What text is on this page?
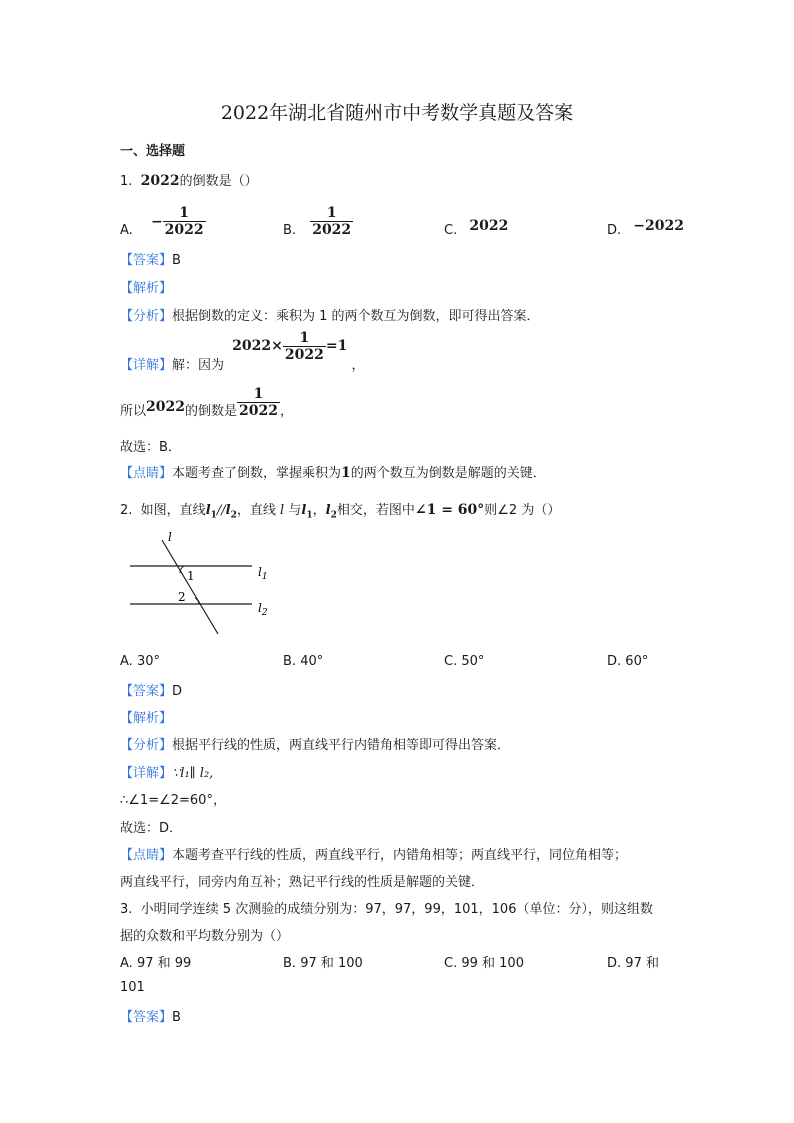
2022年湖北省随州市中考数学真题及答案
一、选择题
1. 2022的倒数是（）
A. − $\frac{1}{2022}$	B. $\frac{1}{2022}$	C. 2022	D. −2022
【答案】B
【解析】
【分析】根据倒数的定义：乘积为 1 的两个数互为倒数，即可得出答案．
【详解】解：因为 $2022\times \frac{1}{2022} =1$ ，
所以2022的倒数是 $\frac{1}{2022}$ ，
故选：B．
【点睛】本题考查了倒数，掌握乘积为1的两个数互为倒数是解题的关键．
2. 如图，直线$l_1//l_2$，直线 l 与$l_1$，$l_2$相交，若图中∠1 = 60°则∠2 为（）
l
$l_1$
$l_2$
1
2
A. 30°	B. 40°	C. 50°	D. 60°
【答案】D
【解析】
【分析】根据平行线的性质，两直线平行内错角相等即可得出答案．
【详解】∵l₁∥ l₂,
∴∠1=∠2=60°，
故选：D．
【点睛】本题考查平行线的性质，两直线平行，内错角相等；两直线平行，同位角相等；
两直线平行，同旁内角互补；熟记平行线的性质是解题的关键．
3. 小明同学连续 5 次测验的成绩分别为：97，97，99，101，106（单位：分），则这组数
据的众数和平均数分别为（）
A. 97 和 99	B. 97 和 100	C. 99 和 100	D. 97 和
101
【答案】B
